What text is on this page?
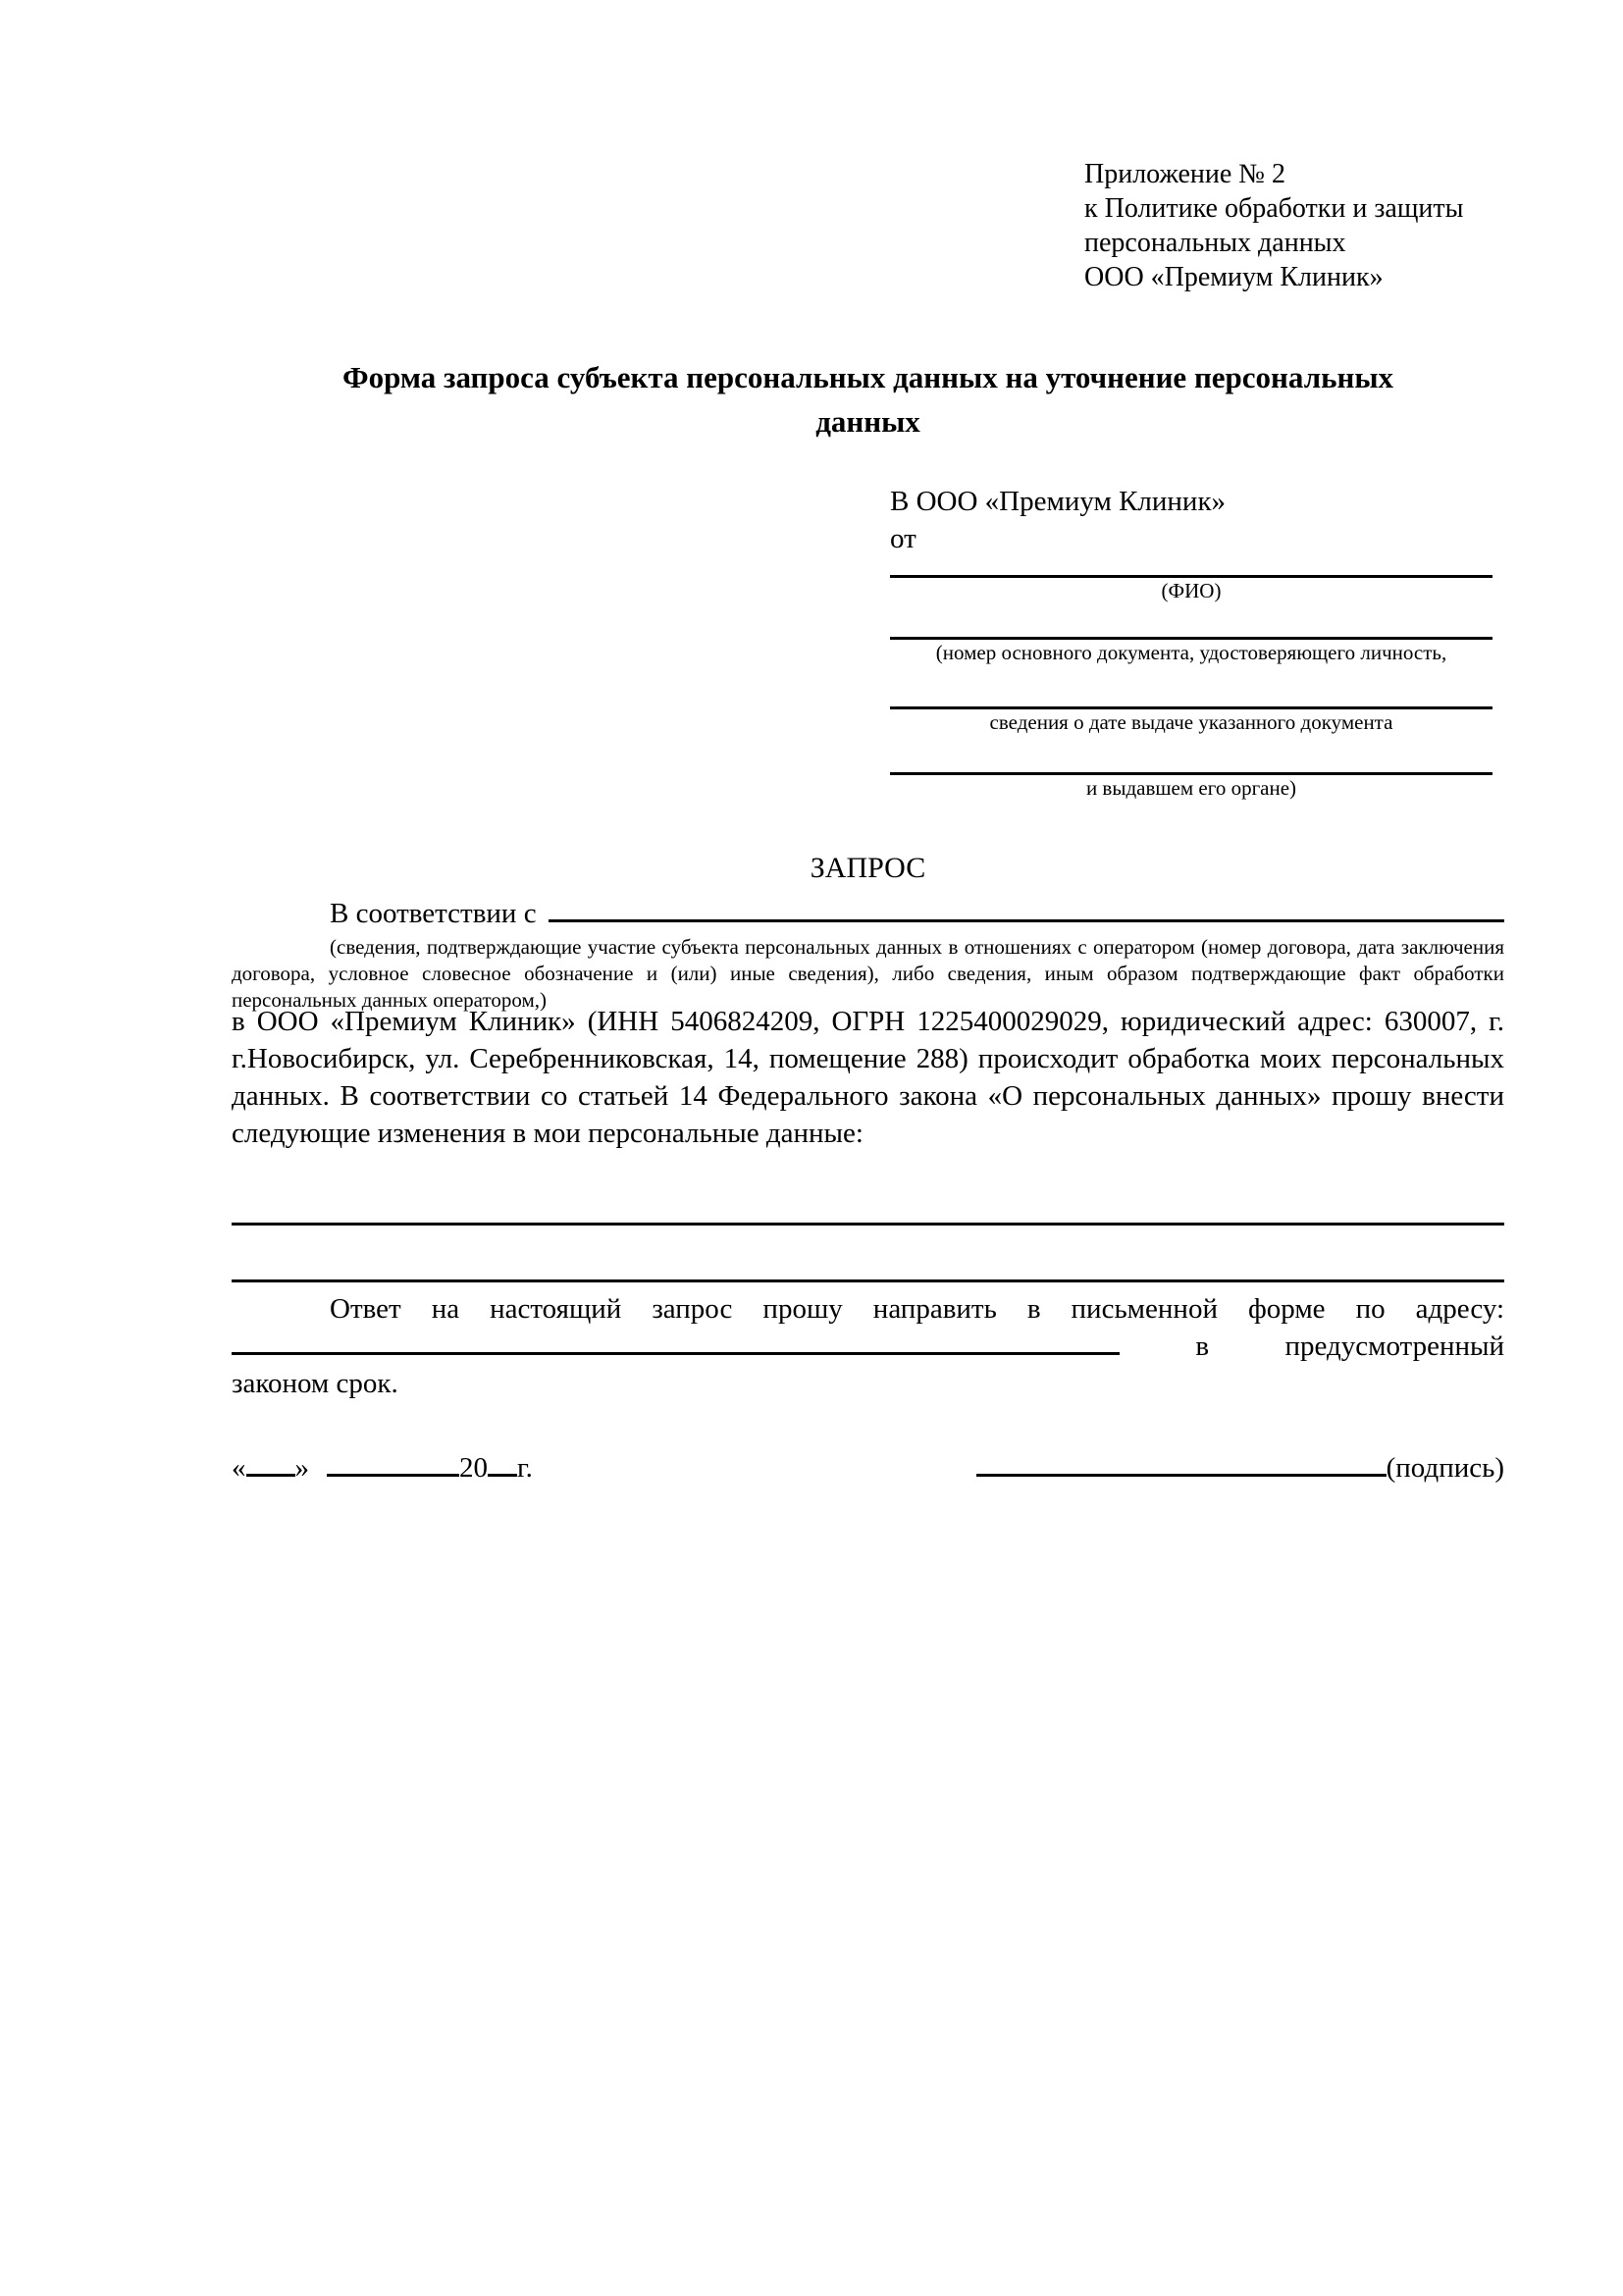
Приложение № 2
к Политике обработки и защиты
персональных данных
ООО «Премиум Клиник»
Форма запроса субъекта персональных данных на уточнение персональных данных
В ООО «Премиум Клиник»
от
(ФИО)
(номер основного документа, удостоверяющего личность,
сведения о дате выдаче указанного документа
и выдавшем его органе)
ЗАПРОС
В соответствии с
(сведения, подтверждающие участие субъекта персональных данных в отношениях с оператором (номер договора, дата заключения договора, условное словесное обозначение и (или) иные сведения), либо сведения, иным образом подтверждающие факт обработки персональных данных оператором,)
в ООО «Премиум Клиник» (ИНН 5406824209, ОГРН 1225400029029, юридический адрес: 630007, г. г.Новосибирск, ул. Серебренниковская, 14, помещение 288) происходит обработка моих персональных данных. В соответствии со статьей 14 Федерального закона «О персональных данных» прошу внести следующие изменения в мои персональные данные:
Ответ на настоящий запрос прошу направить в письменной форме по адресу:
в	предусмотренный
законом срок.
« »	20 г.	(подпись)
